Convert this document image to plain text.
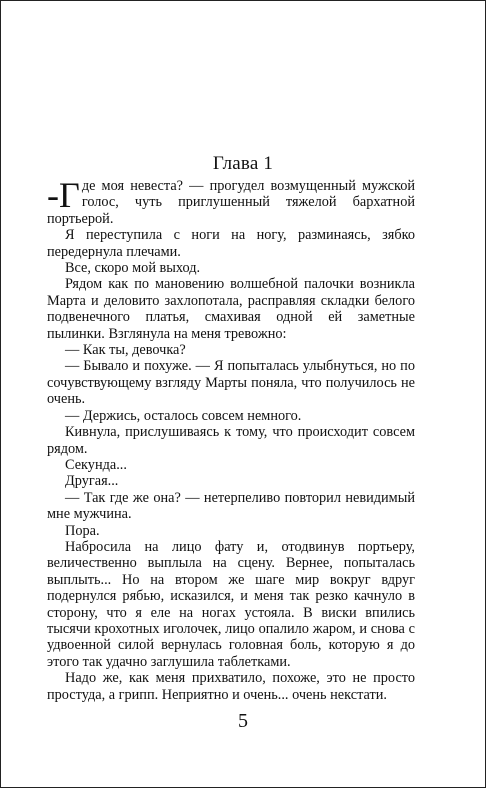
Глава 1

-Г де моя невеста? — прогудел возмущенный мужской голос, чуть приглушенный тяжелой бархатной портьерой.

Я переступила с ноги на ногу, разминаясь, зябко передернула плечами.

Все, скоро мой выход.

Рядом как по мановению волшебной палочки возникла Марта и деловито захлопотала, расправляя складки белого подвенечного платья, смахивая одной ей заметные пылинки. Взглянула на меня тревожно:

— Как ты, девочка?

— Бывало и похуже. — Я попыталась улыбнуться, но по сочувствующему взгляду Марты поняла, что получилось не очень.

— Держись, осталось совсем немного.

Кивнула, прислушиваясь к тому, что происходит совсем рядом.

Секунда...

Другая...

— Так где же она? — нетерпеливо повторил невидимый мне мужчина.

Пора.

Набросила на лицо фату и, отодвинув портьеру, величественно выплыла на сцену. Вернее, попыталась выплыть... Но на втором же шаге мир вокруг вдруг подернулся рябью, исказился, и меня так резко качнуло в сторону, что я еле на ногах устояла. В виски впились тысячи крохотных иголочек, лицо опалило жаром, и снова с удвоенной силой вернулась головная боль, которую я до этого так удачно заглушила таблетками.

Надо же, как меня прихватило, похоже, это не просто простуда, а грипп. Неприятно и очень... очень некстати.

5
